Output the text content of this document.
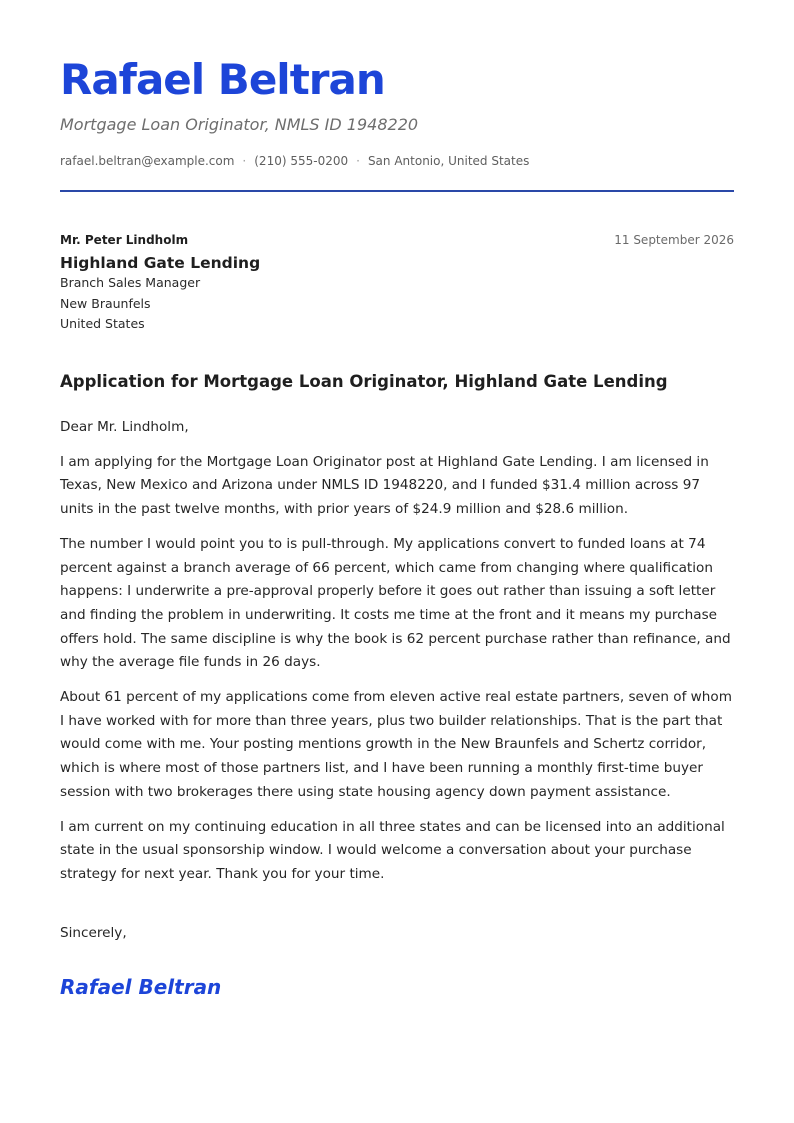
Rafael Beltran
Mortgage Loan Originator, NMLS ID 1948220
rafael.beltran@example.com · (210) 555-0200 · San Antonio, United States
Mr. Peter Lindholm
Highland Gate Lending
Branch Sales Manager
New Braunfels
United States
11 September 2026
Application for Mortgage Loan Originator, Highland Gate Lending

Dear Mr. Lindholm,

I am applying for the Mortgage Loan Originator post at Highland Gate Lending. I am licensed in Texas, New Mexico and Arizona under NMLS ID 1948220, and I funded $31.4 million across 97 units in the past twelve months, with prior years of $24.9 million and $28.6 million.

The number I would point you to is pull-through. My applications convert to funded loans at 74 percent against a branch average of 66 percent, which came from changing where qualification happens: I underwrite a pre-approval properly before it goes out rather than issuing a soft letter and finding the problem in underwriting. It costs me time at the front and it means my purchase offers hold. The same discipline is why the book is 62 percent purchase rather than refinance, and why the average file funds in 26 days.

About 61 percent of my applications come from eleven active real estate partners, seven of whom I have worked with for more than three years, plus two builder relationships. That is the part that would come with me. Your posting mentions growth in the New Braunfels and Schertz corridor, which is where most of those partners list, and I have been running a monthly first-time buyer session with two brokerages there using state housing agency down payment assistance.

I am current on my continuing education in all three states and can be licensed into an additional state in the usual sponsorship window. I would welcome a conversation about your purchase strategy for next year. Thank you for your time.

Sincerely,
Rafael Beltran
